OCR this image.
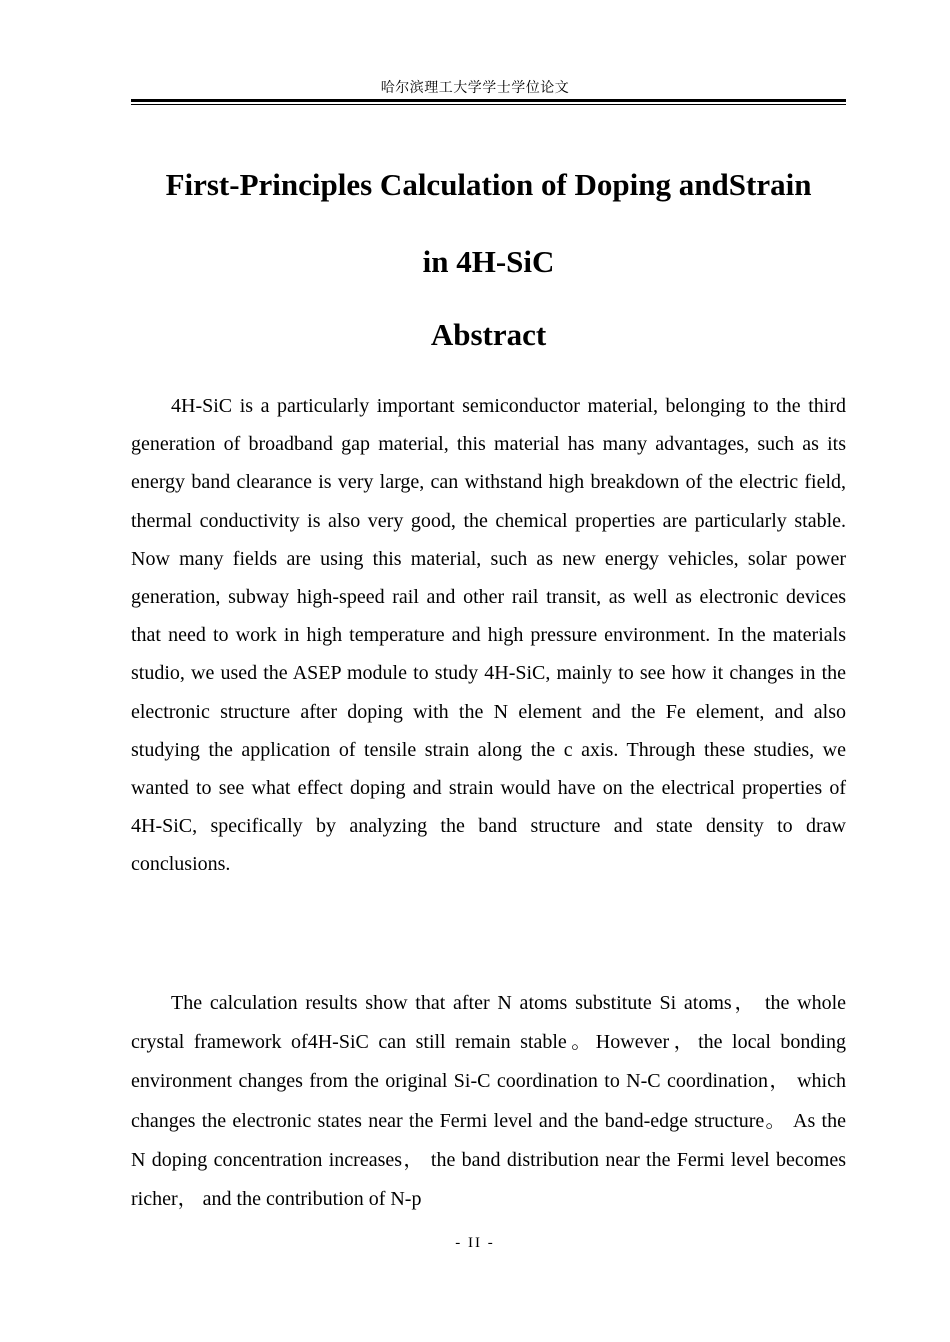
哈尔滨理工大学学士学位论文
First-Principles Calculation of Doping andStrain
in 4H-SiC
Abstract

4H-SiC is a particularly important semiconductor material, belonging to the third generation of broadband gap material, this material has many advantages, such as its energy band clearance is very large, can withstand high breakdown of the electric field, thermal conductivity is also very good, the chemical properties are particularly stable. Now many fields are using this material, such as new energy vehicles, solar power generation, subway high-speed rail and other rail transit, as well as electronic devices that need to work in high temperature and high pressure environment. In the materials studio, we used the ASEP module to study 4H-SiC, mainly to see how it changes in the electronic structure after doping with the N element and the Fe element, and also studying the application of tensile strain along the c axis. Through these studies, we wanted to see what effect doping and strain would have on the electrical properties of 4H-SiC, specifically by analyzing the band structure and state density to draw conclusions.

The calculation results show that after N atoms substitute Si atoms， the whole crystal framework of4H-SiC can still remain stable。However，the local bonding environment changes from the original Si-C coordination to N-C coordination， which changes the electronic states near the Fermi level and the band-edge structure。 As the N doping concentration increases， the band distribution near the Fermi level becomes richer， and the contribution of N-p

- II -
